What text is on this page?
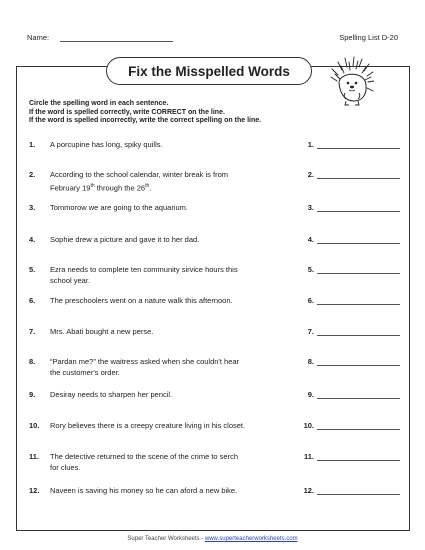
Name:	Spelling List D-20
Fix the Misspelled Words
Circle the spelling word in each sentence.
If the word is spelled correctly, write CORRECT on the line.
If the word is spelled incorrectly, write the correct spelling on the line.
1. A porcupine has long, spiky quills.	1.
2. According to the school calendar, winter break is from
February 19th through the 26th.
2.
3. Tommorow we are going to the aquarium.	3.
4. Sophie drew a picture and gave it to her dad.	4.
5. Ezra needs to complete ten community sirvice hours this
school year.
5.
6. The preschoolers went on a nature walk this afternoon.	6.
7. Mrs. Abati bought a new perse.	7.
8. “Pardan me?” the waitress asked when she couldn't hear
the customer's order.
8.
9. Desiray needs to sharpen her pencil.	9.
10. Rory believes there is a creepy creature living in his closet.	10.
11. The detective returned to the scene of the crime to serch
for clues.
11.
12. Naveen is saving his money so he can aford a new bike.	12.
Super Teacher Worksheets - www.superteacherworksheets.com
